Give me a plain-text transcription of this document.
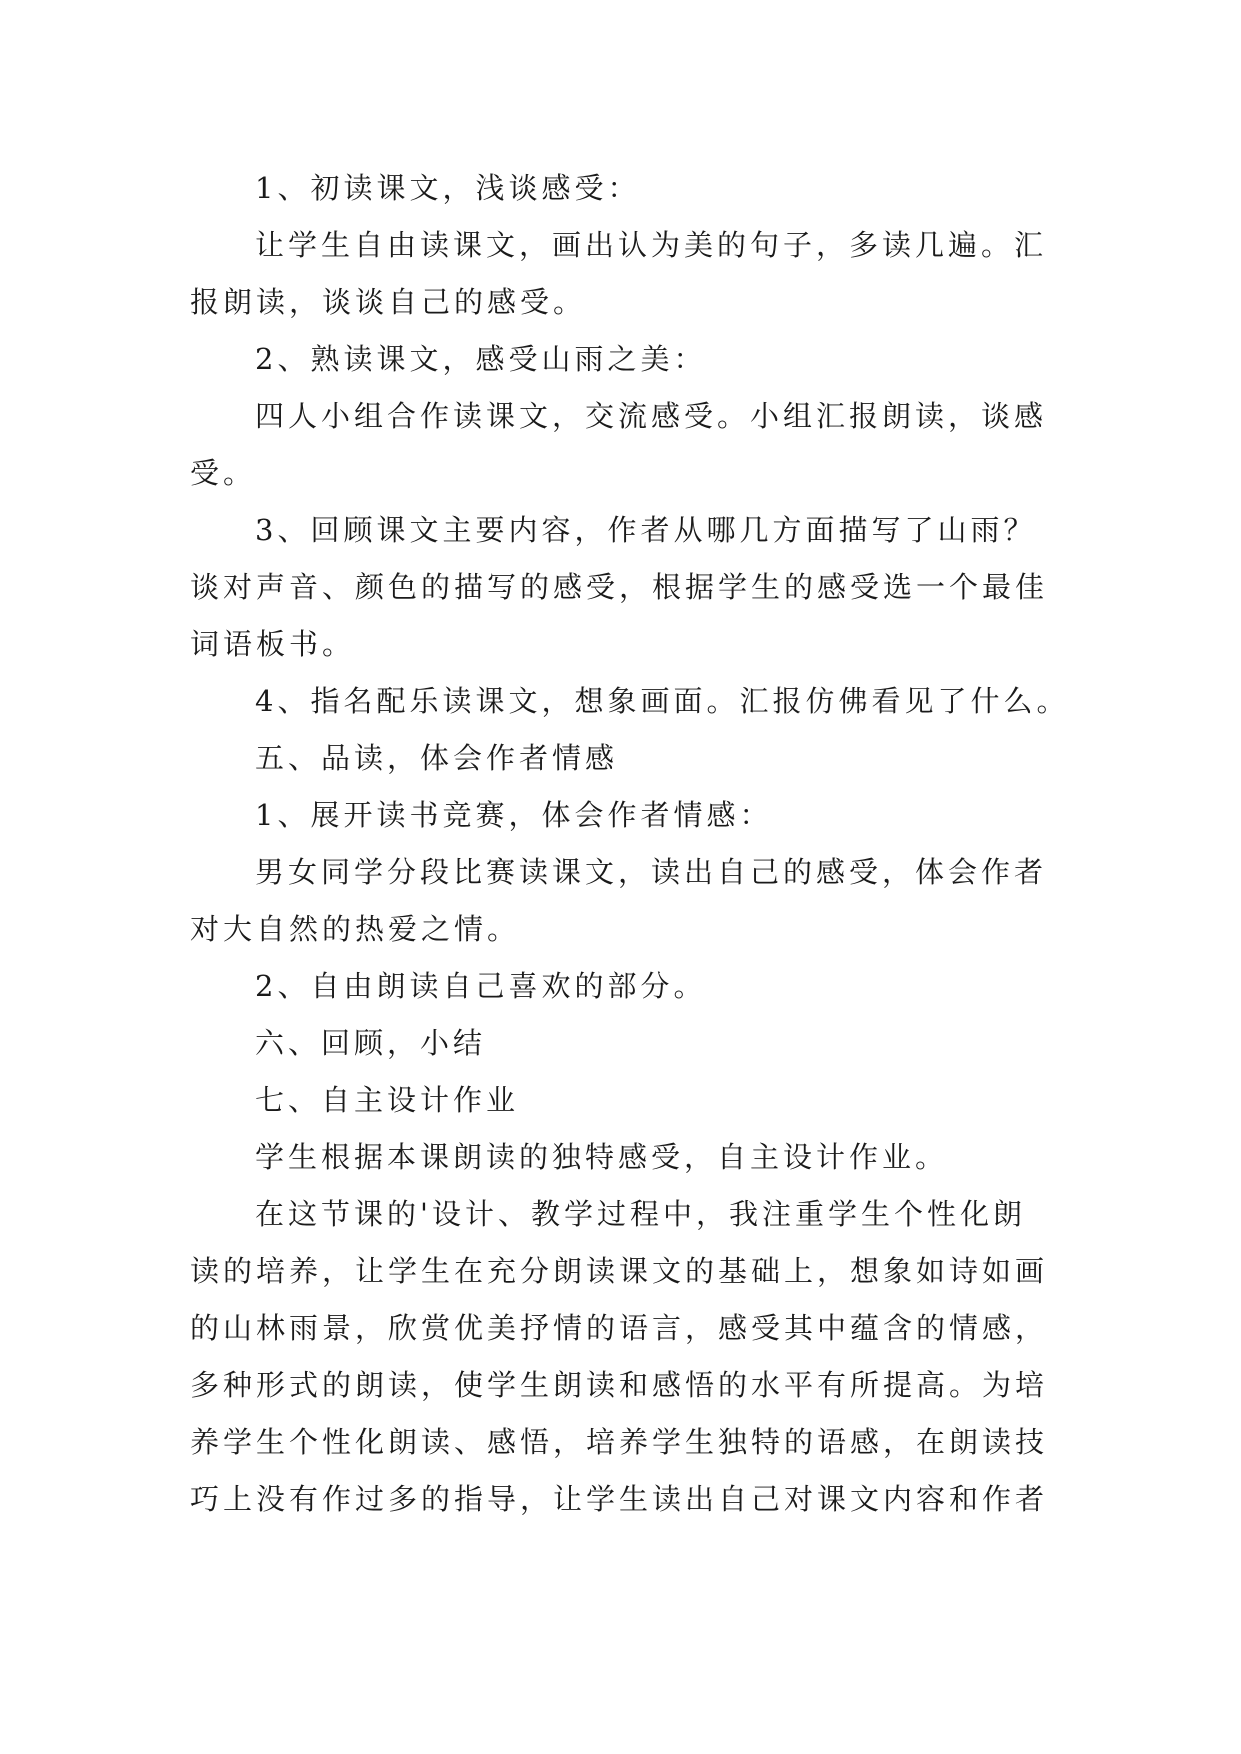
1、初读课文，浅谈感受：

让学生自由读课文，画出认为美的句子，多读几遍。汇

报朗读，谈谈自己的感受。

2、熟读课文，感受山雨之美：

四人小组合作读课文，交流感受。小组汇报朗读，谈感

受。

3、回顾课文主要内容，作者从哪几方面描写了山雨？

谈对声音、颜色的描写的感受，根据学生的感受选一个最佳

词语板书。

4、指名配乐读课文，想象画面。汇报仿佛看见了什么。

五、品读，体会作者情感

1、展开读书竞赛，体会作者情感：

男女同学分段比赛读课文，读出自己的感受，体会作者

对大自然的热爱之情。

2、自由朗读自己喜欢的部分。

六、回顾，小结

七、自主设计作业

学生根据本课朗读的独特感受，自主设计作业。

在这节课的'设计、教学过程中，我注重学生个性化朗

读的培养，让学生在充分朗读课文的基础上，想象如诗如画

的山林雨景，欣赏优美抒情的语言，感受其中蕴含的情感，

多种形式的朗读，使学生朗读和感悟的水平有所提高。为培

养学生个性化朗读、感悟，培养学生独特的语感，在朗读技

巧上没有作过多的指导，让学生读出自己对课文内容和作者
